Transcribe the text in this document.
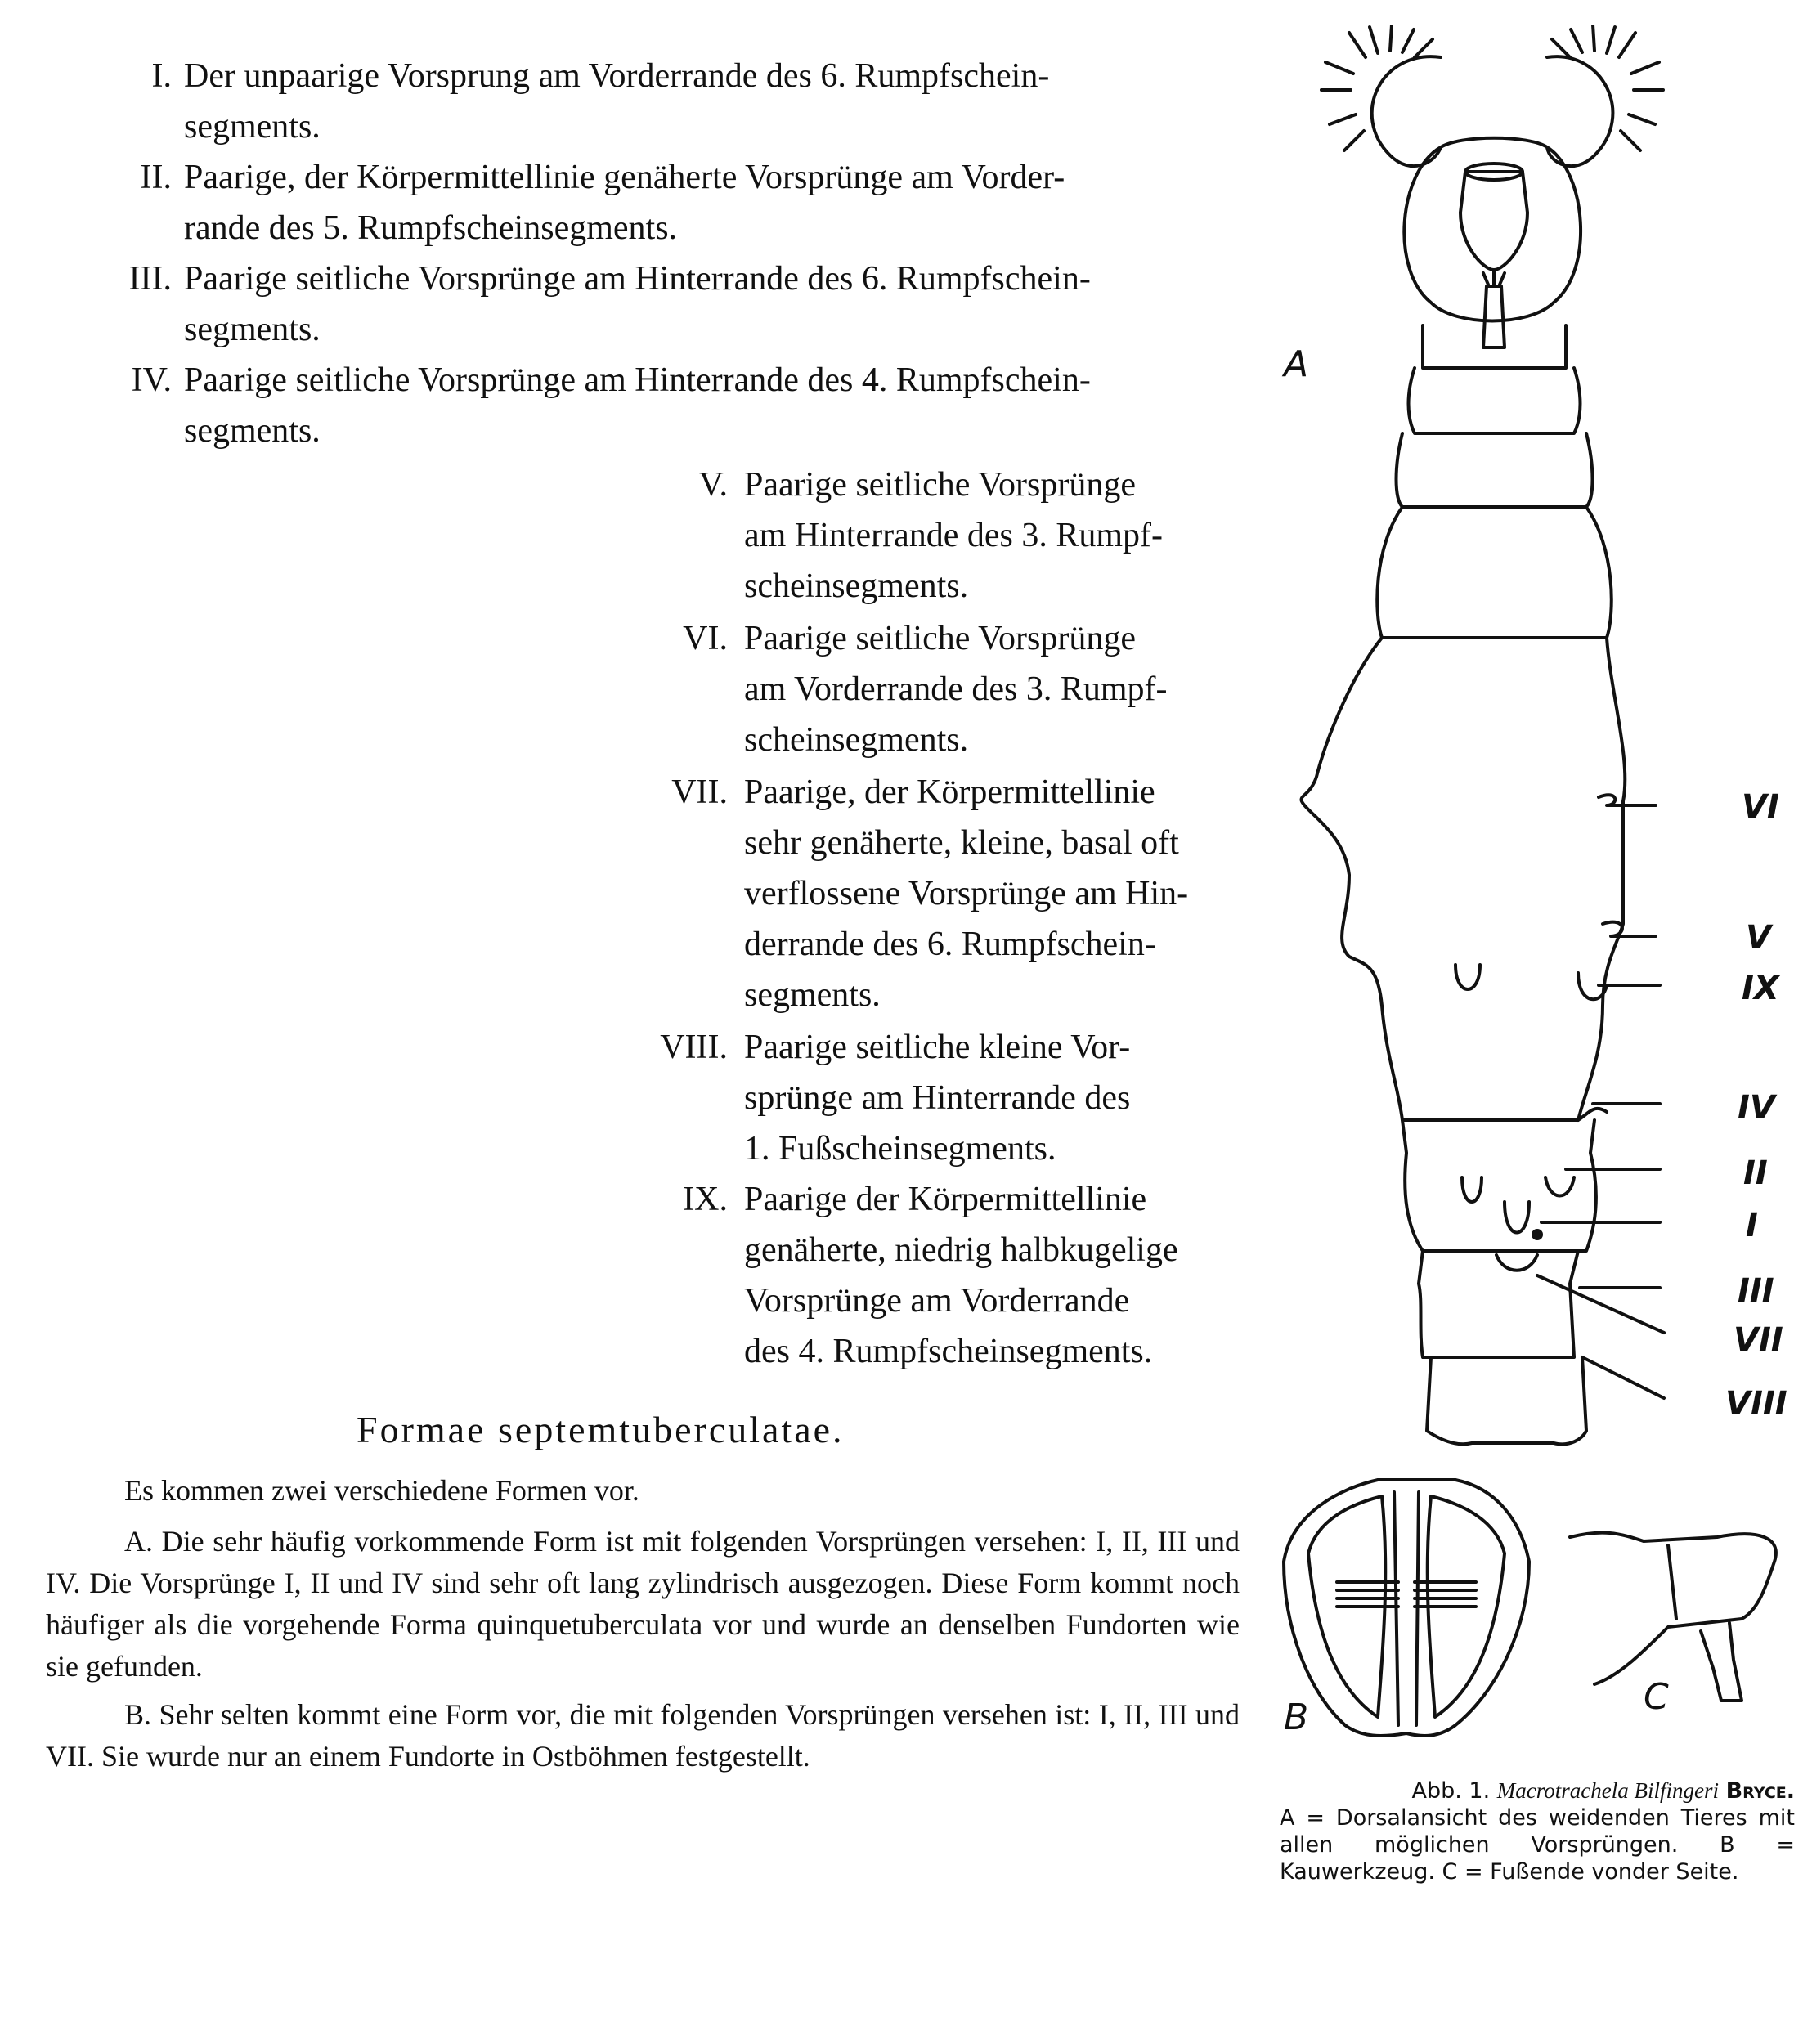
I. Der unpaarige Vorsprung am Vorderrande des 6. Rumpfschein-
segments.
II. Paarige, der Körpermittellinie genäherte Vorsprünge am Vorder-
rande des 5. Rumpfscheinsegments.
III. Paarige seitliche Vorsprünge am Hinterrande des 6. Rumpfschein-
segments.
IV. Paarige seitliche Vorsprünge am Hinterrande des 4. Rumpfschein-
segments.
V. Paarige seitliche Vorsprünge
am Hinterrande des 3. Rumpf-
scheinsegments.
VI. Paarige seitliche Vorsprünge
am Vorderrande des 3. Rumpf-
scheinsegments.
VII. Paarige, der Körpermittellinie
sehr genäherte, kleine, basal oft
verflossene Vorsprünge am Hin-
derrande des 6. Rumpfschein-
segments.
VIII. Paarige seitliche kleine Vor-
sprünge am Hinterrande des
1. Fußscheinsegments.
IX. Paarige der Körpermittellinie
genäherte, niedrig halbkugelige
Vorsprünge am Vorderrande
des 4. Rumpfscheinsegments.
Formae septemtuberculatae.
Es kommen zwei verschiedene Formen vor.
A. Die sehr häufig vorkommende Form ist mit folgenden Vorsprüngen versehen: I, II, III und IV. Die Vorsprünge I, II und IV sind sehr oft lang zylindrisch ausgezogen. Diese Form kommt noch häufiger als die vorgehende Forma quinquetuberculata vor und wurde an denselben Fundorten wie sie gefunden.
B. Sehr selten kommt eine Form vor, die mit folgenden Vorsprüngen versehen ist: I, II, III und VII. Sie wurde nur an einem Fundorte in Ostböhmen festgestellt.
A
B	C
VI
V
IX
IV
II
I
III
VII
VIII
Abb. 1. Macrotrachela Bilfingeri Bryce.
A = Dorsalansicht des weidenden Tieres mit allen möglichen Vorsprüngen. B = Kauwerkzeug. C = Fußende vonder Seite.
